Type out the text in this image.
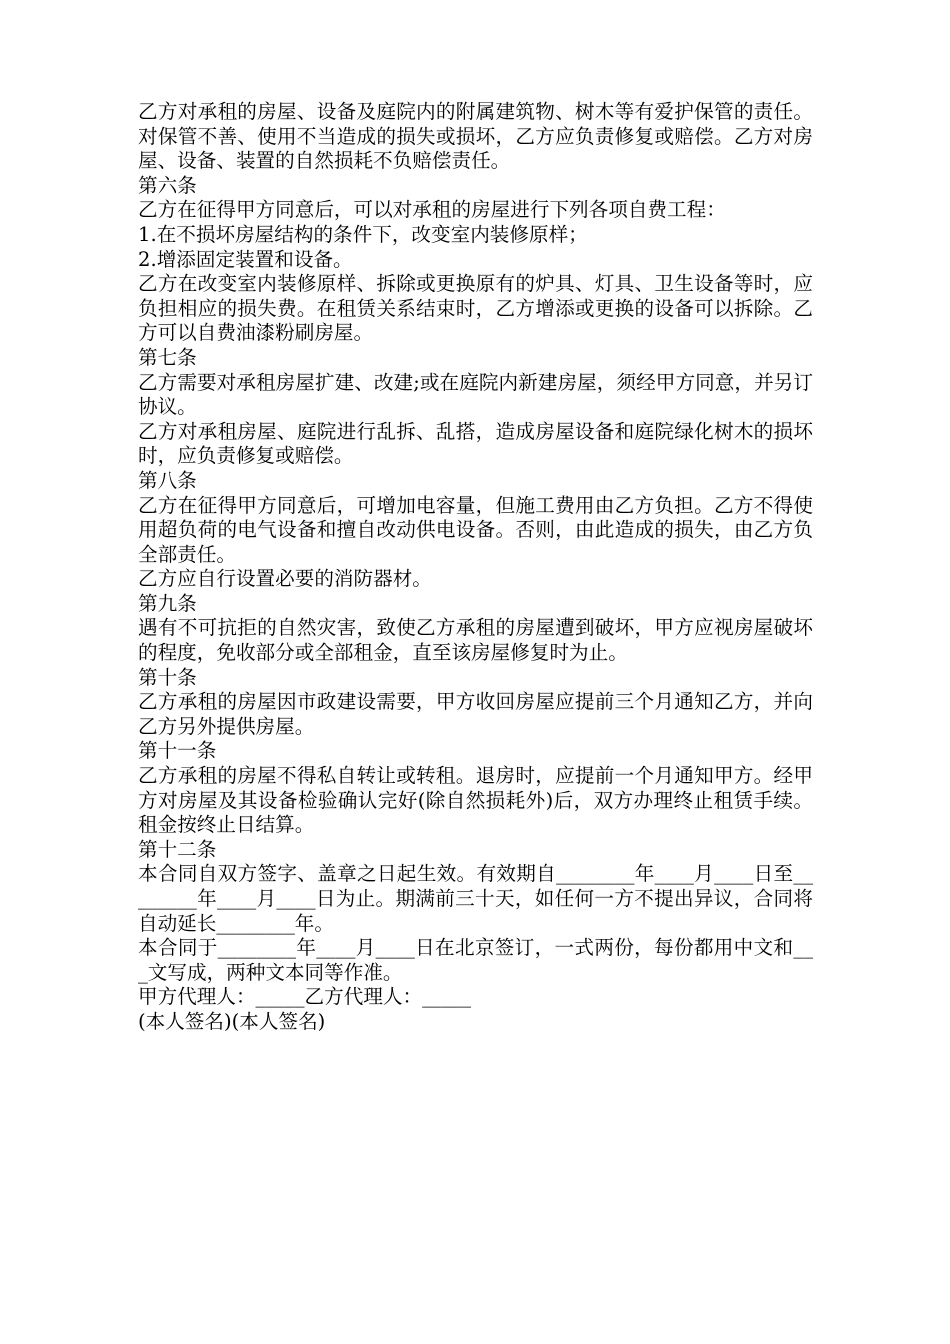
乙方对承租的房屋、设备及庭院内的附属建筑物、树木等有爱护保管的责任。对保管不善、使用不当造成的损失或损坏，乙方应负责修复或赔偿。乙方对房屋、设备、装置的自然损耗不负赔偿责任。

第六条

乙方在征得甲方同意后，可以对承租的房屋进行下列各项自费工程：

1.在不损坏房屋结构的条件下，改变室内装修原样；

2.增添固定装置和设备。

乙方在改变室内装修原样、拆除或更换原有的炉具、灯具、卫生设备等时，应负担相应的损失费。在租赁关系结束时，乙方增添或更换的设备可以拆除。乙方可以自费油漆粉刷房屋。

第七条

乙方需要对承租房屋扩建、改建;或在庭院内新建房屋，须经甲方同意，并另订协议。

乙方对承租房屋、庭院进行乱拆、乱搭，造成房屋设备和庭院绿化树木的损坏时，应负责修复或赔偿。

第八条

乙方在征得甲方同意后，可增加电容量，但施工费用由乙方负担。乙方不得使用超负荷的电气设备和擅自改动供电设备。否则，由此造成的损失，由乙方负全部责任。

乙方应自行设置必要的消防器材。

第九条

遇有不可抗拒的自然灾害，致使乙方承租的房屋遭到破坏，甲方应视房屋破坏的程度，免收部分或全部租金，直至该房屋修复时为止。

第十条

乙方承租的房屋因市政建设需要，甲方收回房屋应提前三个月通知乙方，并向乙方另外提供房屋。

第十一条

乙方承租的房屋不得私自转让或转租。退房时，应提前一个月通知甲方。经甲方对房屋及其设备检验确认完好(除自然损耗外)后，双方办理终止租赁手续。租金按终止日结算。

第十二条

本合同自双方签字、盖章之日起生效。有效期自________年____月____日至________年____月____日为止。期满前三十天，如任何一方不提出异议，合同将自动延长________年。

本合同于________年____月____日在北京签订，一式两份，每份都用中文和___文写成，两种文本同等作准。

甲方代理人：_____乙方代理人：_____

(本人签名)(本人签名)
